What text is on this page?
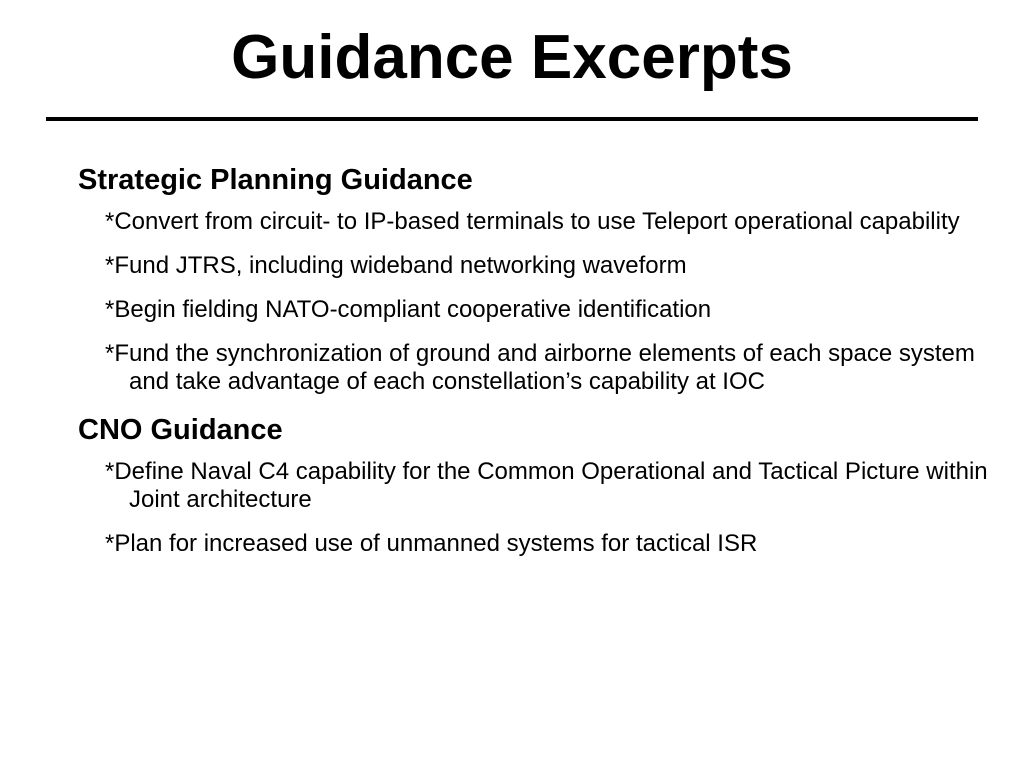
Guidance Excerpts
Strategic Planning Guidance
*Convert from circuit- to IP-based terminals to use Teleport operational capability
*Fund JTRS, including wideband networking waveform
*Begin fielding NATO-compliant cooperative identification
*Fund the synchronization of ground and airborne elements of each space system and take advantage of each constellation’s capability at IOC
CNO Guidance
*Define Naval C4 capability for the Common Operational and Tactical Picture within Joint architecture
*Plan for increased use of unmanned systems for tactical ISR
